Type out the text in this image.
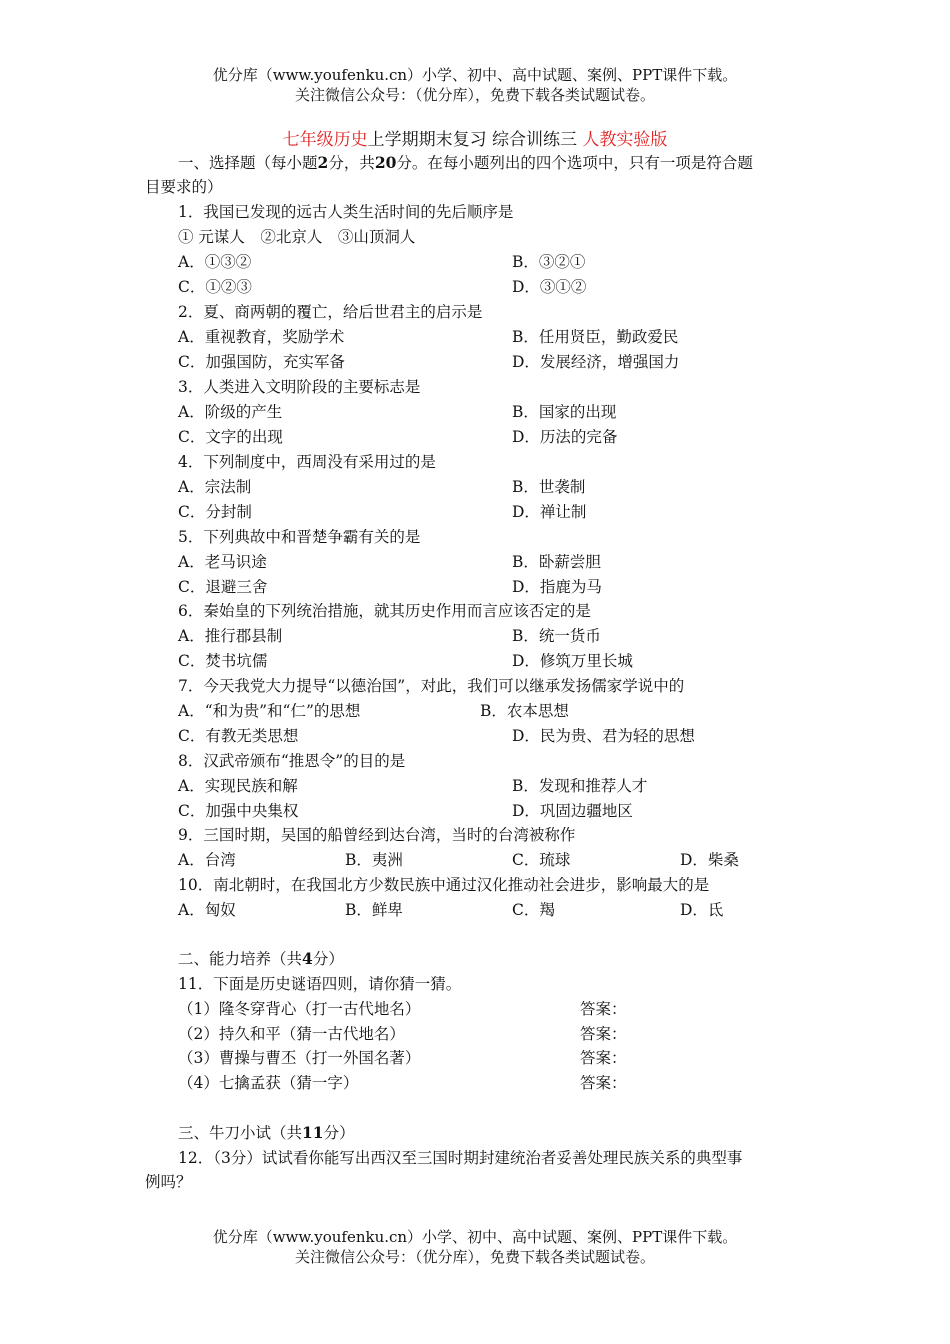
优分库（www.youfenku.cn）小学、初中、高中试题、案例、PPT课件下载。
关注微信公众号：（优分库），免费下载各类试题试卷。
七年级历史上学期期末复习 综合训练三 人教实验版
一、选择题（每小题2分，共20分。在每小题列出的四个选项中，只有一项是符合题
目要求的）
1．我国已发现的远古人类生活时间的先后顺序是
① 元谋人　②北京人　③山顶洞人
A．①③②	B．③②①
C．①②③	D．③①②
2．夏、商两朝的覆亡，给后世君主的启示是
A．重视教育，奖励学术	B．任用贤臣，勤政爱民
C．加强国防，充实军备	D．发展经济，增强国力
3．人类进入文明阶段的主要标志是
A．阶级的产生	B．国家的出现
C．文字的出现	D．历法的完备
4．下列制度中，西周没有采用过的是
A．宗法制	B．世袭制
C．分封制	D．禅让制
5．下列典故中和晋楚争霸有关的是
A．老马识途	B．卧薪尝胆
C．退避三舍	D．指鹿为马
6．秦始皇的下列统治措施，就其历史作用而言应该否定的是
A．推行郡县制	B．统一货币
C．焚书坑儒	D．修筑万里长城
7．今天我党大力提导“以德治国”，对此，我们可以继承发扬儒家学说中的
A．“和为贵”和“仁”的思想	B．农本思想
C．有教无类思想	D．民为贵、君为轻的思想
8．汉武帝颁布“推恩令”的目的是
A．实现民族和解	B．发现和推荐人才
C．加强中央集权	D．巩固边疆地区
9．三国时期，吴国的船曾经到达台湾，当时的台湾被称作
A．台湾	B．夷洲	C．琉球	D．柴桑
10．南北朝时，在我国北方少数民族中通过汉化推动社会进步，影响最大的是
A．匈奴	B．鲜卑	C．羯	D．氐
二、能力培养（共4分）
11．下面是历史谜语四则，请你猜一猜。
（1）隆冬穿背心（打一古代地名）	答案：
（2）持久和平（猜一古代地名）	答案：
（3）曹操与曹丕（打一外国名著）	答案：
（4）七擒孟获（猜一字）	答案：
三、牛刀小试（共11分）
12．（3分）试试看你能写出西汉至三国时期封建统治者妥善处理民族关系的典型事
例吗？
优分库（www.youfenku.cn）小学、初中、高中试题、案例、PPT课件下载。
关注微信公众号：（优分库），免费下载各类试题试卷。
